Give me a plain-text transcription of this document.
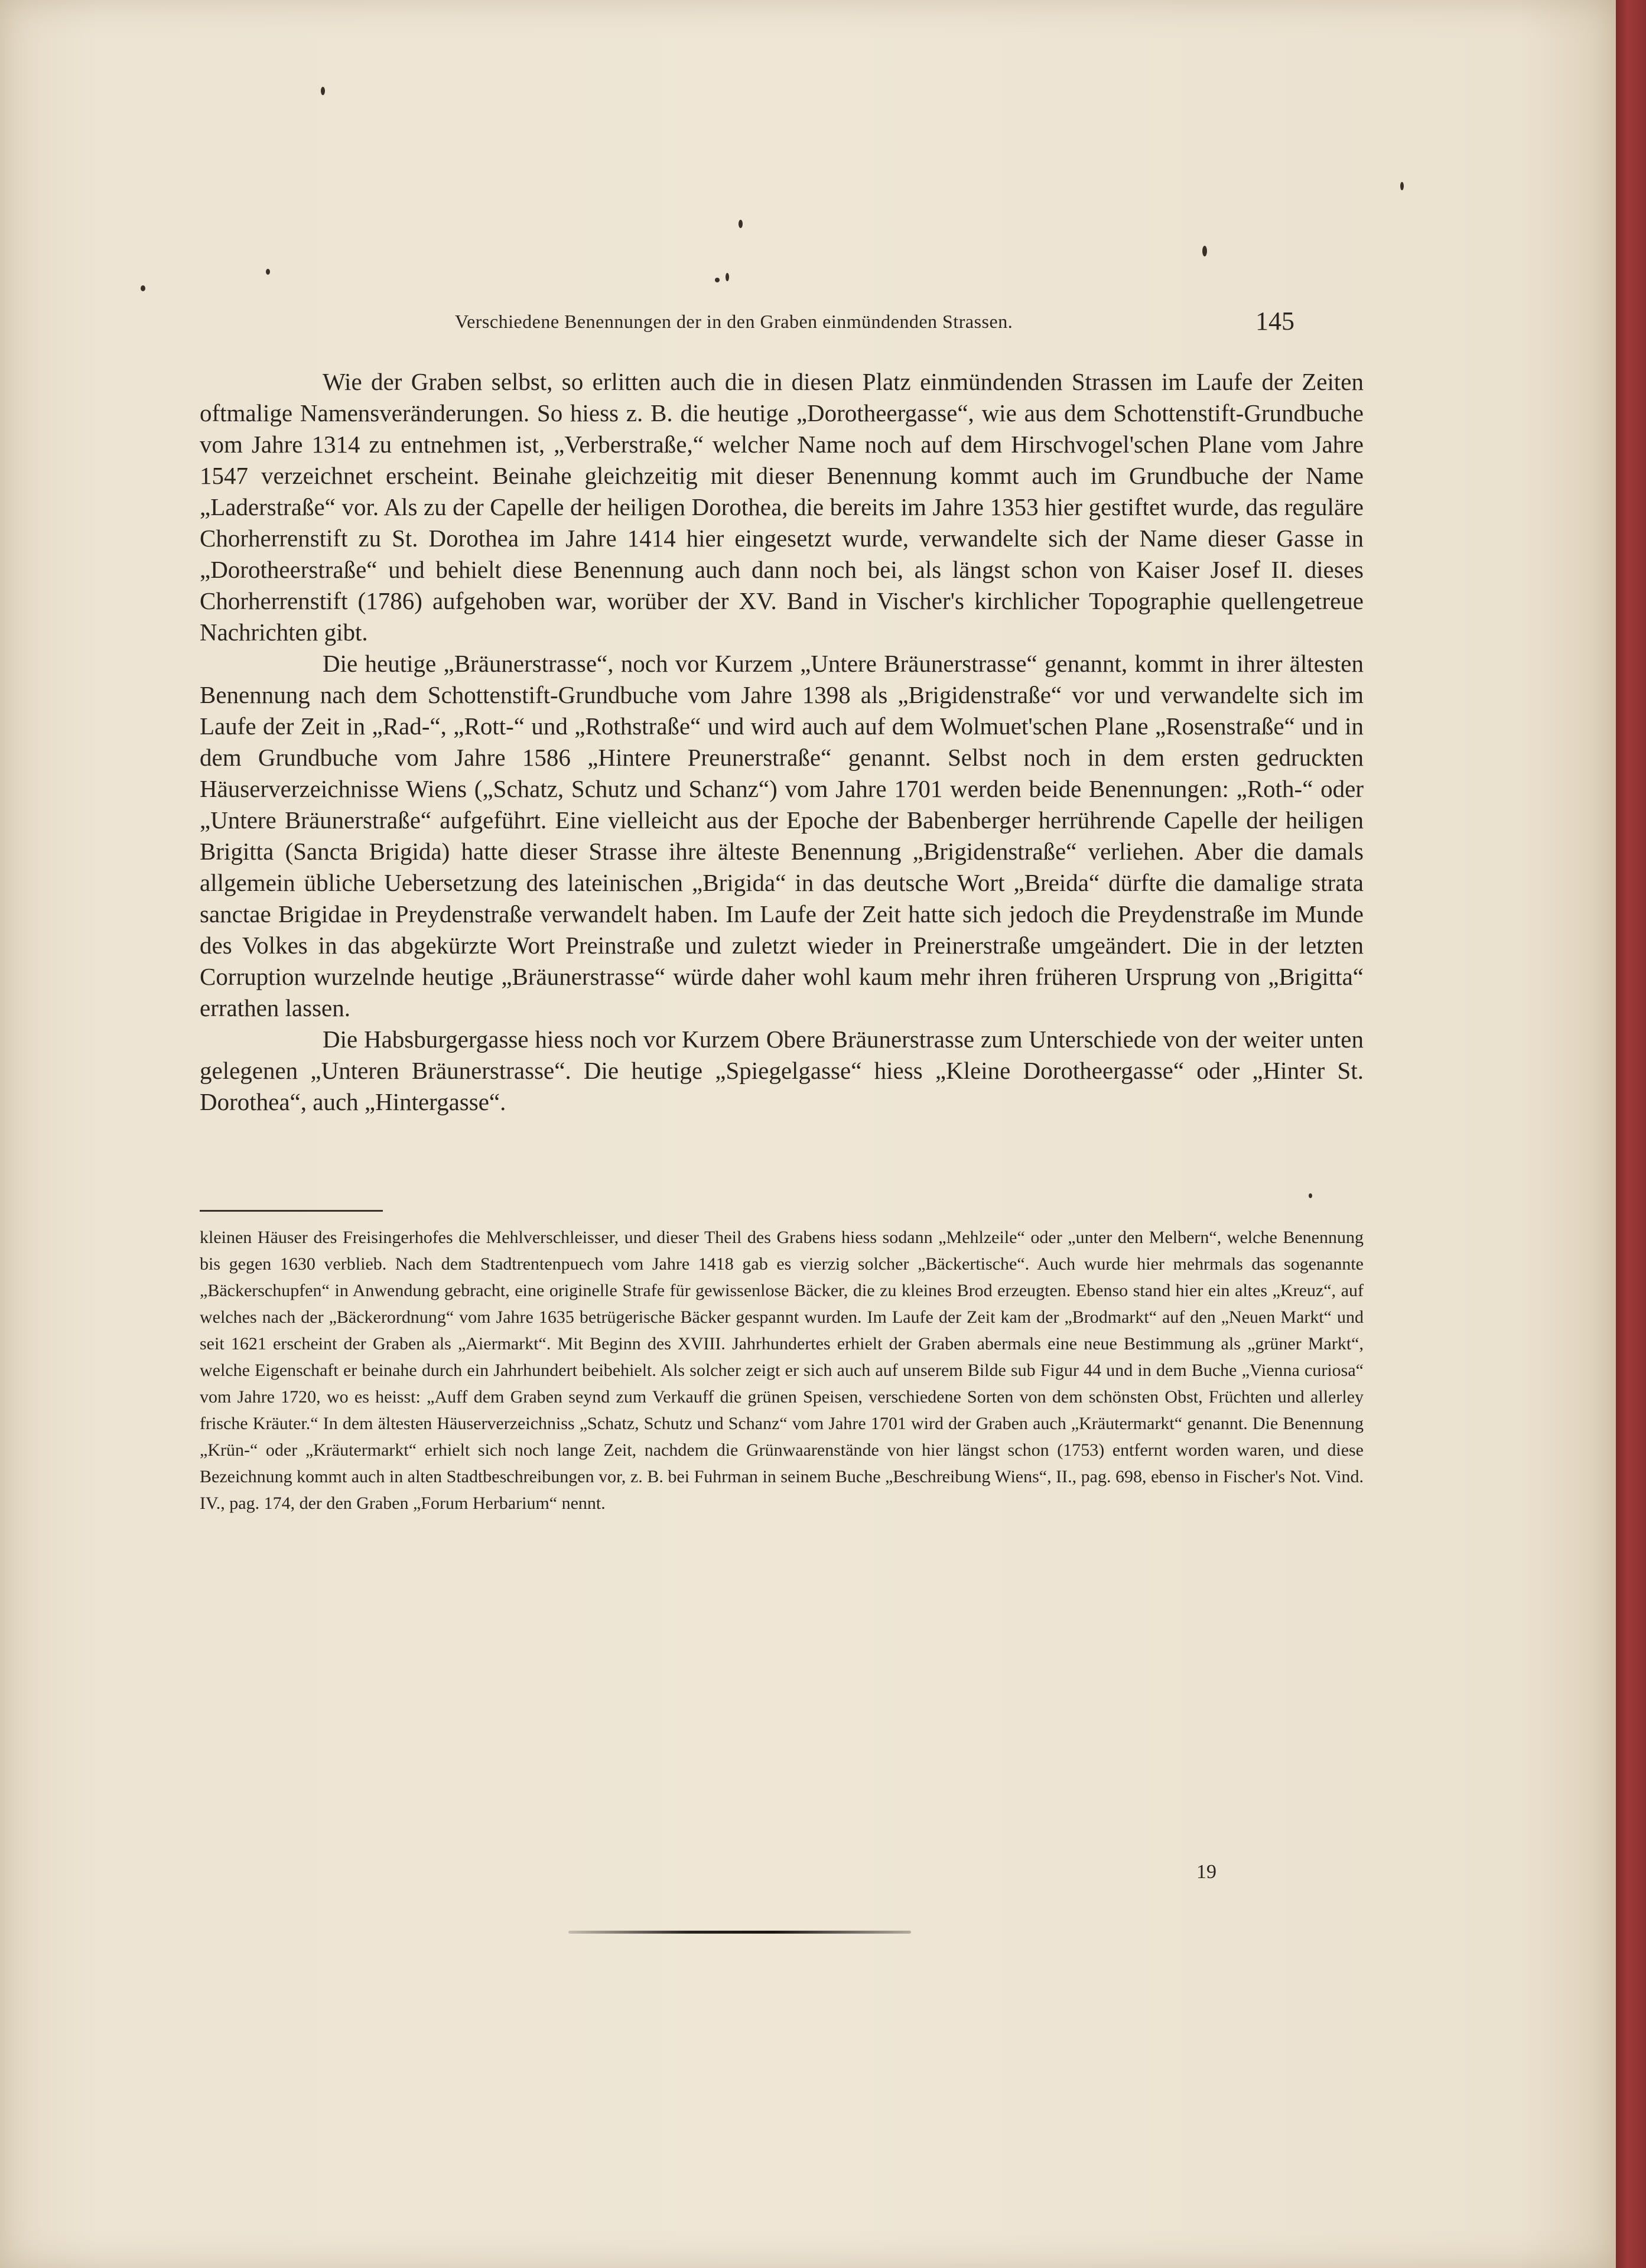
Verschiedene Benennungen der in den Graben einmündenden Strassen.	145

Wie der Graben selbst, so erlitten auch die in diesen Platz einmündenden Strassen im Laufe der Zeiten oftmalige Namensveränderungen. So hiess z. B. die heutige „Dorotheergasse“, wie aus dem Schottenstift-Grundbuche vom Jahre 1314 zu entnehmen ist, „Verberstraße,“ welcher Name noch auf dem Hirschvogel'schen Plane vom Jahre 1547 verzeichnet erscheint. Beinahe gleichzeitig mit dieser Benennung kommt auch im Grundbuche der Name „Laderstraße“ vor. Als zu der Capelle der heiligen Dorothea, die bereits im Jahre 1353 hier gestiftet wurde, das reguläre Chorherrenstift zu St. Dorothea im Jahre 1414 hier eingesetzt wurde, verwandelte sich der Name dieser Gasse in „Dorotheerstraße“ und behielt diese Benennung auch dann noch bei, als längst schon von Kaiser Josef II. dieses Chorherrenstift (1786) aufgehoben war, worüber der XV. Band in Vischer's kirchlicher Topographie quellengetreue Nachrichten gibt.

Die heutige „Bräunerstrasse“, noch vor Kurzem „Untere Bräunerstrasse“ genannt, kommt in ihrer ältesten Benennung nach dem Schottenstift-Grundbuche vom Jahre 1398 als „Brigidenstraße“ vor und verwandelte sich im Laufe der Zeit in „Rad-“, „Rott-“ und „Rothstraße“ und wird auch auf dem Wolmuet'schen Plane „Rosenstraße“ und in dem Grundbuche vom Jahre 1586 „Hintere Preunerstraße“ genannt. Selbst noch in dem ersten gedruckten Häuserverzeichnisse Wiens („Schatz, Schutz und Schanz“) vom Jahre 1701 werden beide Benennungen: „Roth-“ oder „Untere Bräunerstraße“ aufgeführt. Eine vielleicht aus der Epoche der Babenberger herrührende Capelle der heiligen Brigitta (Sancta Brigida) hatte dieser Strasse ihre älteste Benennung „Brigidenstraße“ verliehen. Aber die damals allgemein übliche Uebersetzung des lateinischen „Brigida“ in das deutsche Wort „Breida“ dürfte die damalige strata sanctae Brigidae in Preydenstraße verwandelt haben. Im Laufe der Zeit hatte sich jedoch die Preydenstraße im Munde des Volkes in das abgekürzte Wort Preinstraße und zuletzt wieder in Preinerstraße umgeändert. Die in der letzten Corruption wurzelnde heutige „Bräunerstrasse“ würde daher wohl kaum mehr ihren früheren Ursprung von „Brigitta“ errathen lassen.

Die Habsburgergasse hiess noch vor Kurzem Obere Bräunerstrasse zum Unterschiede von der weiter unten gelegenen „Unteren Bräunerstrasse“. Die heutige „Spiegelgasse“ hiess „Kleine Dorotheergasse“ oder „Hinter St. Dorothea“, auch „Hintergasse“.

kleinen Häuser des Freisingerhofes die Mehlverschleisser, und dieser Theil des Grabens hiess sodann „Mehlzeile“ oder „unter den Melbern“, welche Benennung bis gegen 1630 verblieb. Nach dem Stadtrentenpuech vom Jahre 1418 gab es vierzig solcher „Bäckertische“. Auch wurde hier mehrmals das sogenannte „Bäckerschupfen“ in Anwendung gebracht, eine originelle Strafe für gewissenlose Bäcker, die zu kleines Brod erzeugten. Ebenso stand hier ein altes „Kreuz“, auf welches nach der „Bäckerordnung“ vom Jahre 1635 betrügerische Bäcker gespannt wurden. Im Laufe der Zeit kam der „Brodmarkt“ auf den „Neuen Markt“ und seit 1621 erscheint der Graben als „Aiermarkt“. Mit Beginn des XVIII. Jahrhundertes erhielt der Graben abermals eine neue Bestimmung als „grüner Markt“, welche Eigenschaft er beinahe durch ein Jahrhundert beibehielt. Als solcher zeigt er sich auch auf unserem Bilde sub Figur 44 und in dem Buche „Vienna curiosa“ vom Jahre 1720, wo es heisst: „Auff dem Graben seynd zum Verkauff die grünen Speisen, verschiedene Sorten von dem schönsten Obst, Früchten und allerley frische Kräuter.“ In dem ältesten Häuserverzeichniss „Schatz, Schutz und Schanz“ vom Jahre 1701 wird der Graben auch „Kräutermarkt“ genannt. Die Benennung „Krün-“ oder „Kräutermarkt“ erhielt sich noch lange Zeit, nachdem die Grünwaarenstände von hier längst schon (1753) entfernt worden waren, und diese Bezeichnung kommt auch in alten Stadtbeschreibungen vor, z. B. bei Fuhrman in seinem Buche „Beschreibung Wiens“, II., pag. 698, ebenso in Fischer's Not. Vind. IV., pag. 174, der den Graben „Forum Herbarium“ nennt.

19
